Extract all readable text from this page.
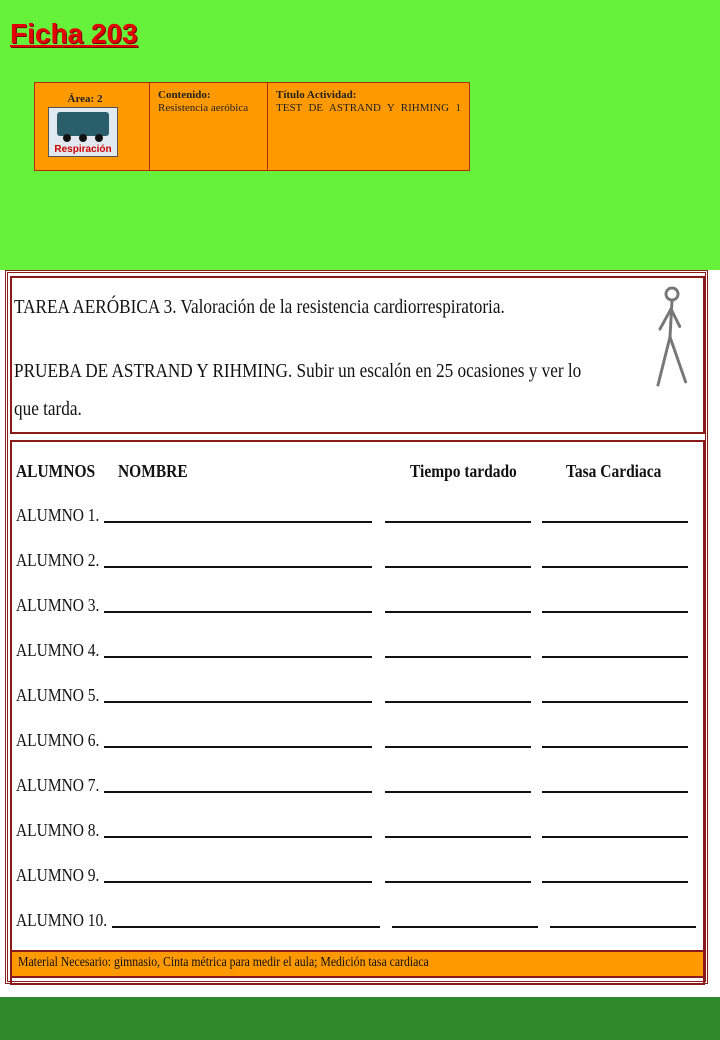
Ficha 203
Área: 2
Respiración
Contenido:
Resistencia aeróbica
Título Actividad:
TEST DE ASTRAND Y RIHMING 1
TAREA AERÓBICA 3. Valoración de la resistencia cardiorrespiratoria.
PRUEBA DE ASTRAND Y RIHMING. Subir un escalón en 25 ocasiones y ver lo
que tarda.
ALUMNOS NOMBRE	Tiempo tardado	Tasa Cardiaca
ALUMNO 1.
ALUMNO 2.
ALUMNO 3.
ALUMNO 4.
ALUMNO 5.
ALUMNO 6.
ALUMNO 7.
ALUMNO 8.
ALUMNO 9.
ALUMNO 10.
Material Necesario: gimnasio, Cinta métrica para medir el aula; Medición tasa cardiaca
